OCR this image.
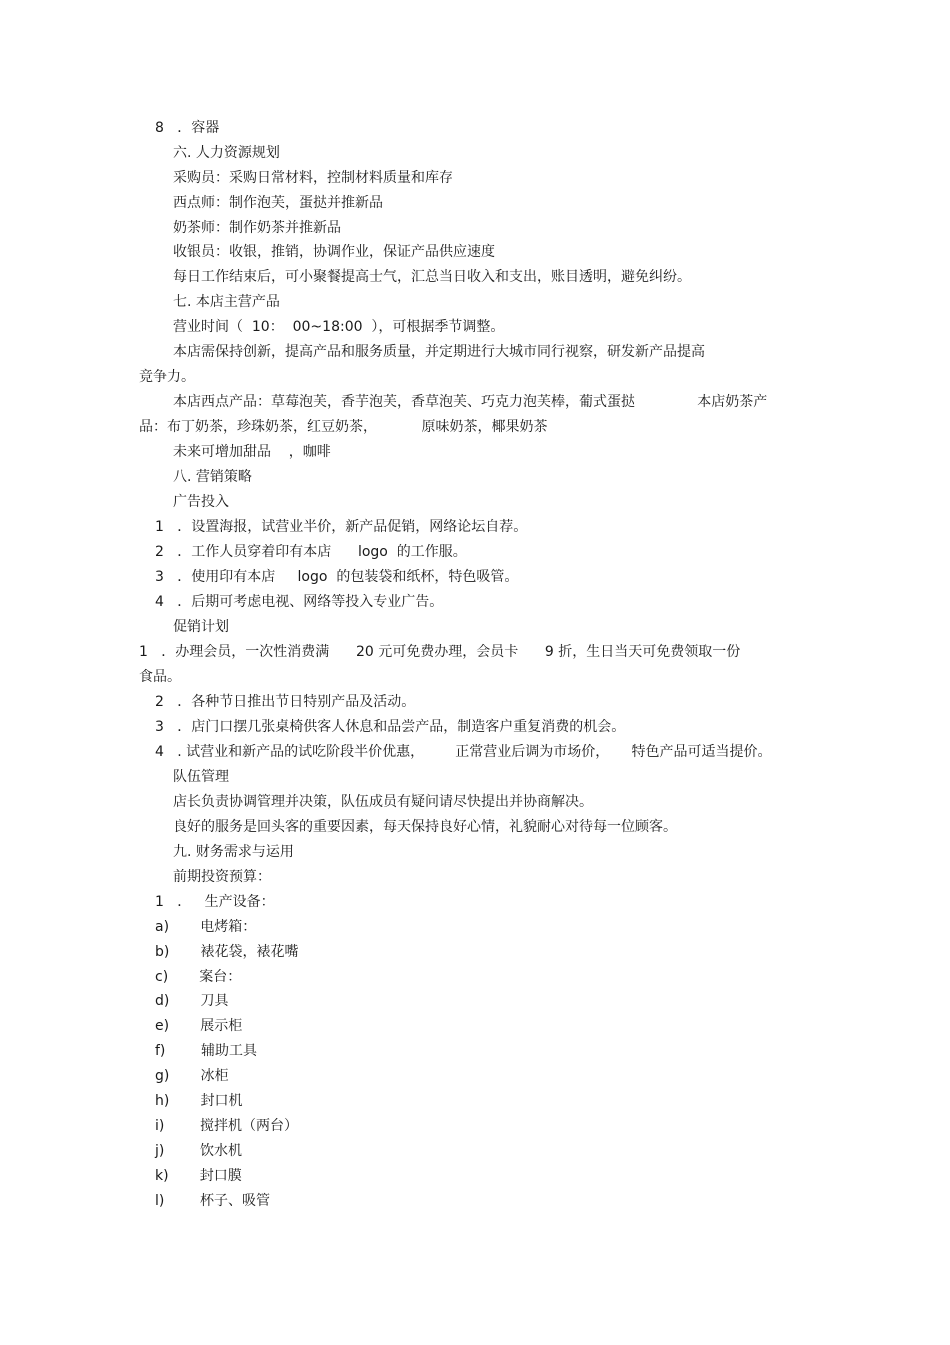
8   ．容器
六. 人力资源规划
采购员：采购日常材料，控制材料质量和库存
西点师：制作泡芙，蛋挞并推新品
奶茶师：制作奶茶并推新品
收银员：收银，推销，协调作业，保证产品供应速度
每日工作结束后，可小聚餐提高士气，汇总当日收入和支出，账目透明，避免纠纷。
七. 本店主营产品
营业时间（  10：  00~18:00  ），可根据季节调整。
本店需保持创新，提高产品和服务质量，并定期进行大城市同行视察，研发新产品提高
竞争力。
本店西点产品：草莓泡芙，香芋泡芙，香草泡芙、巧克力泡芙棒，葡式蛋挞              本店奶茶产
品：布丁奶茶，珍珠奶茶，红豆奶茶，          原味奶茶，椰果奶茶
未来可增加甜品    ，咖啡
八. 营销策略
广告投入
1   ．设置海报，试营业半价，新产品促销，网络论坛自荐。
2   ．工作人员穿着印有本店      logo  的工作服。
3   ．使用印有本店     logo  的包装袋和纸杯，特色吸管。
4   ．后期可考虑电视、网络等投入专业广告。
促销计划
1   ．办理会员，一次性消费满      20 元可免费办理，会员卡      9 折，生日当天可免费领取一份
食品。
2   ．各种节日推出节日特别产品及活动。
3   ．店门口摆几张桌椅供客人休息和品尝产品，制造客户重复消费的机会。
4   . 试营业和新产品的试吃阶段半价优惠，       正常营业后调为市场价，     特色产品可适当提价。
队伍管理
店长负责协调管理并决策，队伍成员有疑问请尽快提出并协商解决。
良好的服务是回头客的重要因素，每天保持良好心情，礼貌耐心对待每一位顾客。
九. 财务需求与运用
前期投资预算：
1   ．   生产设备：
a)       电烤箱：
b)       裱花袋，裱花嘴
c)       案台：
d)       刀具
e)       展示柜
f)        辅助工具
g)       冰柜
h)       封口机
i)        搅拌机（两台）
j)        饮水机
k)       封口膜
l)        杯子、吸管
